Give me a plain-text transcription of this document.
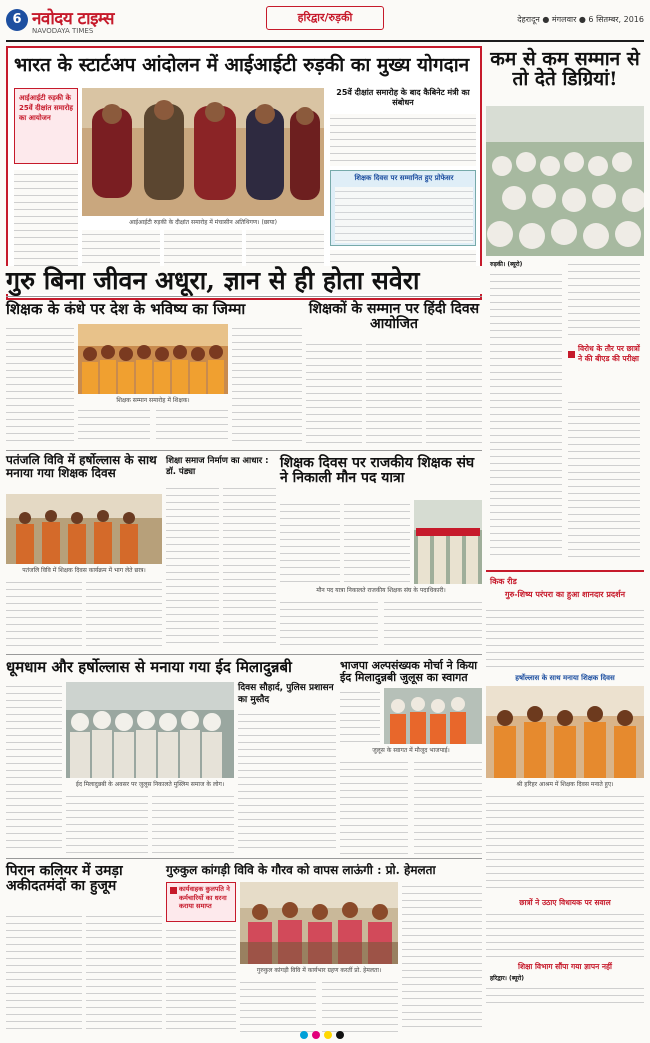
6 नवोदय टाइम्स
NAVODAYA TIMES
हरिद्वार/रुड़की	देहरादून ● मंगलवार ● 6 सितम्बर, 2016
भारत के स्टार्टअप आंदोलन में आईआईटी रुड़की का मुख्य योगदान
आईआईटी रुड़की के 25वें दीक्षांत समारोह का आयोजन
आईआईटी रुड़की के दीक्षांत समारोह में मंचासीन अतिथिगण। (छाया)
25वें दीक्षांत समारोह के बाद कैबिनेट मंत्री का संबोधन
शिक्षक दिवस पर सम्मानित हुए प्रोफेसर
कम से कम सम्मान से तो देते डिग्रियां!
रुड़की। (ब्यूरो)
विरोध के तौर पर छात्रों ने की बीएड की परीक्षा
गुरु बिना जीवन अधूरा, ज्ञान से ही होता सवेरा
शिक्षक के कंधे पर देश के भविष्य का जिम्मा
शिक्षक सम्मान समारोह में शिक्षक।
शिक्षकों के सम्मान पर हिंदी दिवस आयोजित
पतंजलि विवि में हर्षोल्लास के साथ मनाया गया शिक्षक दिवस
पतंजलि विवि में शिक्षक दिवस कार्यक्रम में भाग लेते छात्र।
शिक्षा समाज निर्माण का आधार : डॉ. पंड्या
शिक्षक दिवस पर राजकीय शिक्षक संघ ने निकाली मौन पद यात्रा
मौन पद यात्रा निकालते राजकीय शिक्षक संघ के पदाधिकारी।
किक रीड
गुरु-शिष्य परंपरा का हुआ शानदार प्रदर्शन
हर्षोल्लास के साथ मनाया शिक्षक दिवस
श्री हरिहर आश्रम में शिक्षक दिवस मनाते हुए।
छात्रों ने उठाए विधायक पर सवाल
शिक्षा विभाग सौंपा गया ज्ञापन नहीं
हरिद्वार। (ब्यूरो)
धूमधाम और हर्षोल्लास से मनाया गया ईद मिलादुन्नबी
ईद मिलादुन्नबी के अवसर पर जुलूस निकालते मुस्लिम समाज के लोग।
दिवस सौहार्द, पुलिस प्रशासन का मुस्तैद
भाजपा अल्पसंख्यक मोर्चा ने किया ईद मिलादुन्नबी जुलूस का स्वागत
जुलूस के स्वागत में मौजूद भाजपाई।
पिरान कलियर में उमड़ा अकीदतमंदों का हुजूम
गुरुकुल कांगड़ी विवि के गौरव को वापस लाऊंगी : प्रो. हेमलता
कार्यवाहक कुलपति ने कर्मचारियों का धरना कराया समाप्त
गुरुकुल कांगड़ी विवि में कार्यभार ग्रहण करतीं प्रो. हेमलता।
